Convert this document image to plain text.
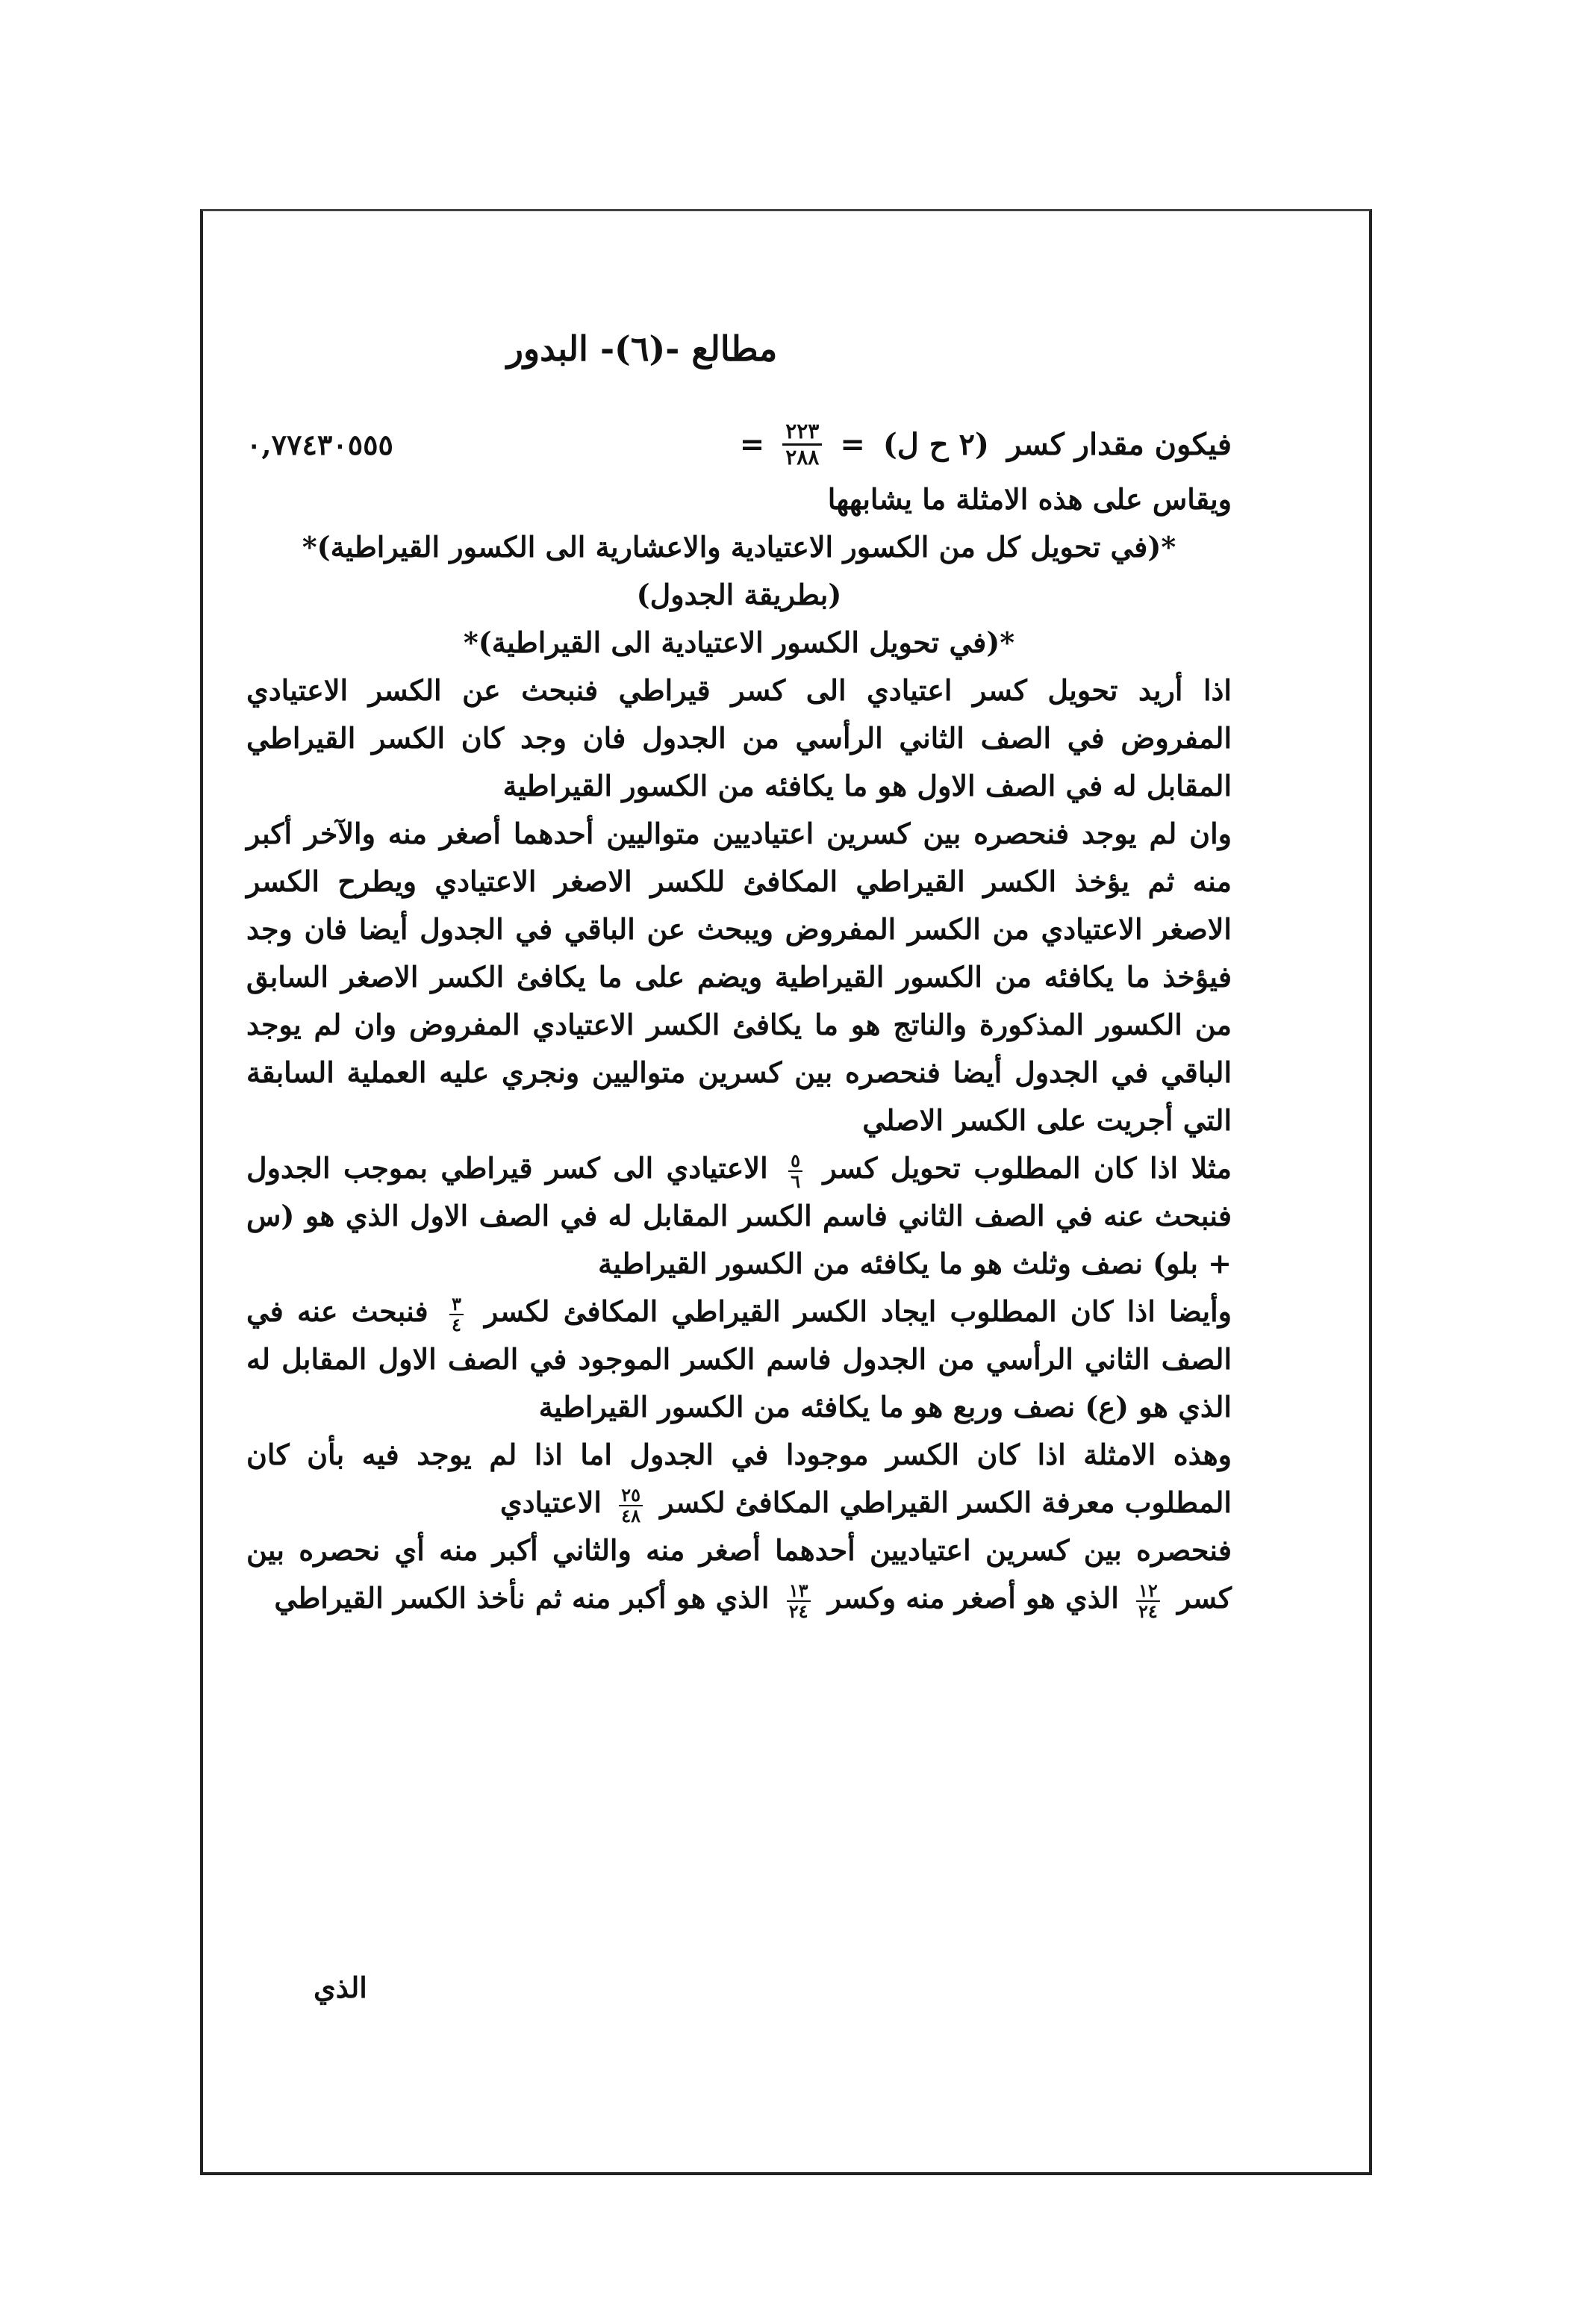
مطالع -(٦)- البدور
فيكون مقدار كسر
(٢ ح ل)
=
$\frac{٢٢٣}{٢٨٨}$
=
٠,٧٧٤٣٠٥٥٥

ويقاس على هذه الامثلة ما يشابهها

*(في تحويل كل من الكسور الاعتيادية والاعشارية الى الكسور القيراطية)*

(بطريقة الجدول)

*(في تحويل الكسور الاعتيادية الى القيراطية)*

اذا أريد تحويل كسر اعتيادي الى كسر قيراطي فنبحث عن الكسر الاعتيادي المفروض في الصف الثاني الرأسي من الجدول فان وجد كان الكسر القيراطي المقابل له في الصف الاول هو ما يكافئه من الكسور القيراطية

وان لم يوجد فنحصره بين كسرين اعتياديين متواليين أحدهما أصغر منه والآخر أكبر منه ثم يؤخذ الكسر القيراطي المكافئ للكسر الاصغر الاعتيادي ويطرح الكسر الاصغر الاعتيادي من الكسر المفروض ويبحث عن الباقي في الجدول أيضا فان وجد فيؤخذ ما يكافئه من الكسور القيراطية ويضم على ما يكافئ الكسر الاصغر السابق من الكسور المذكورة والناتج هو ما يكافئ الكسر الاعتيادي المفروض وان لم يوجد الباقي في الجدول أيضا فنحصره بين كسرين متواليين ونجري عليه العملية السابقة التي أجريت على الكسر الاصلي

مثلا اذا كان المطلوب تحويل كسر
$\frac{٥}{٦}$
الاعتيادي الى كسر قيراطي بموجب الجدول فنبحث عنه في الصف الثاني فاسم الكسر المقابل له في الصف الاول الذي هو (س + بلو) نصف وثلث هو ما يكافئه من الكسور القيراطية

وأيضا اذا كان المطلوب ايجاد الكسر القيراطي المكافئ لكسر
$\frac{٣}{٤}$
فنبحث عنه في الصف الثاني الرأسي من الجدول فاسم الكسر الموجود في الصف الاول المقابل له الذي هو (ع) نصف وربع هو ما يكافئه من الكسور القيراطية

وهذه الامثلة اذا كان الكسر موجودا في الجدول اما اذا لم يوجد فيه بأن كان المطلوب معرفة الكسر القيراطي المكافئ لكسر
$\frac{٢٥}{٤٨}$
الاعتيادي

فنحصره بين كسرين اعتياديين أحدهما أصغر منه والثاني أكبر منه أي نحصره بين كسر
$\frac{١٢}{٢٤}$
الذي هو أصغر منه وكسر
$\frac{١٣}{٢٤}$
الذي هو أكبر منه ثم نأخذ الكسر القيراطي

الذي
